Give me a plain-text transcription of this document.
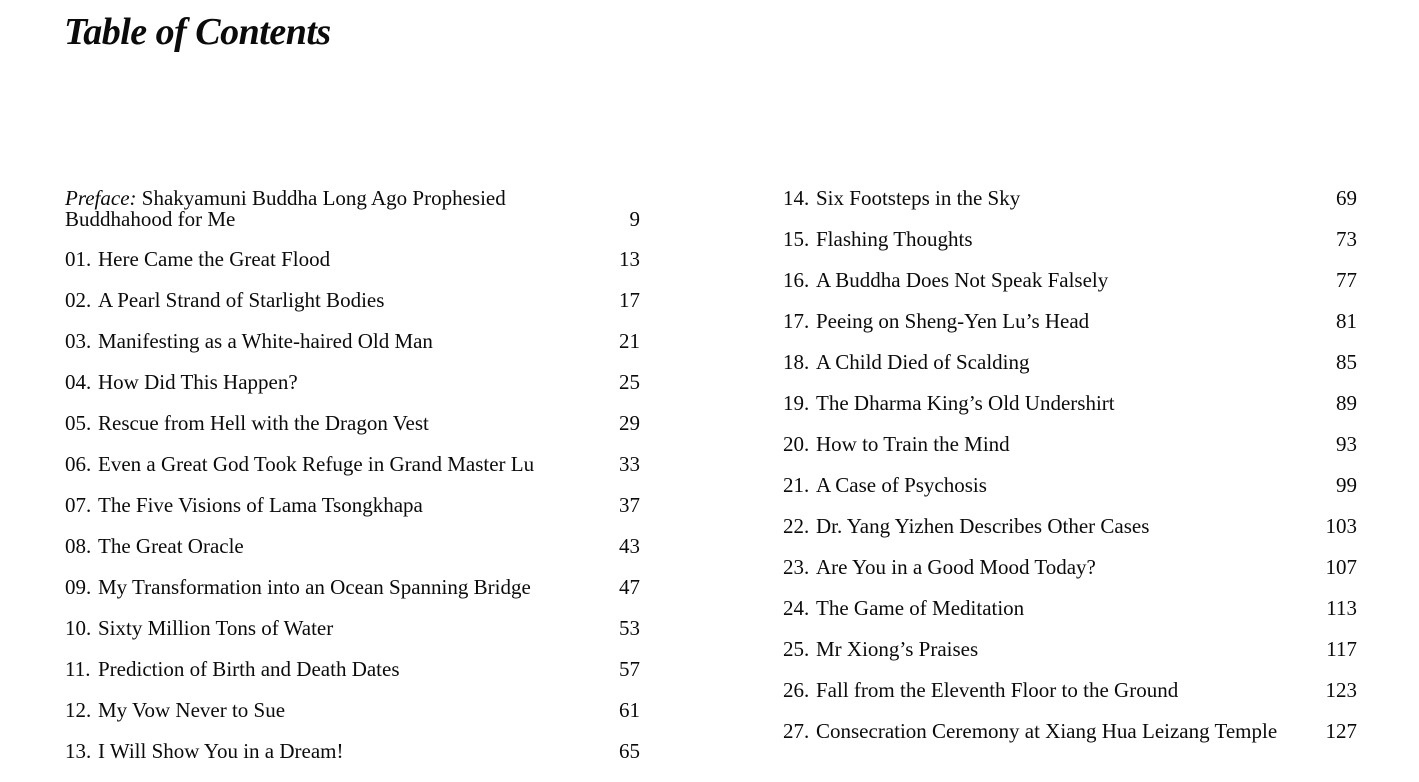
Table of Contents
Preface: Shakyamuni Buddha Long Ago Prophesied Buddhahood for Me	9
01. Here Came the Great Flood	13
02. A Pearl Strand of Starlight Bodies	17
03. Manifesting as a White-haired Old Man	21
04. How Did This Happen?	25
05. Rescue from Hell with the Dragon Vest	29
06. Even a Great God Took Refuge in Grand Master Lu	33
07. The Five Visions of Lama Tsongkhapa	37
08. The Great Oracle	43
09. My Transformation into an Ocean Spanning Bridge	47
10. Sixty Million Tons of Water	53
11. Prediction of Birth and Death Dates	57
12. My Vow Never to Sue	61
13. I Will Show You in a Dream!	65
14. Six Footsteps in the Sky	69
15. Flashing Thoughts	73
16. A Buddha Does Not Speak Falsely	77
17. Peeing on Sheng-Yen Lu’s Head	81
18. A Child Died of Scalding	85
19. The Dharma King’s Old Undershirt	89
20. How to Train the Mind	93
21. A Case of Psychosis	99
22. Dr. Yang Yizhen Describes Other Cases	103
23. Are You in a Good Mood Today?	107
24. The Game of Meditation	113
25. Mr Xiong’s Praises	117
26. Fall from the Eleventh Floor to the Ground	123
27. Consecration Ceremony at Xiang Hua Leizang Temple	127
